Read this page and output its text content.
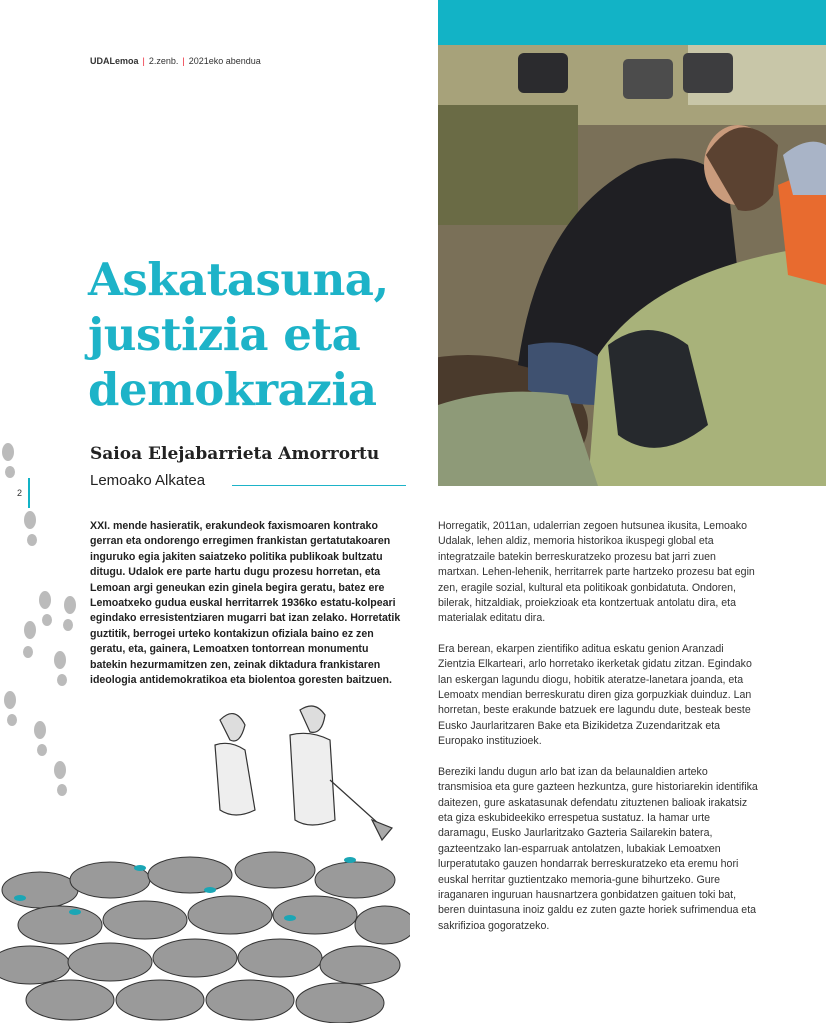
UDALemoa | 2.zenb. | 2021eko abendua
Askatasuna,
justizia eta
demokrazia
Saioa Elejabarrieta Amorrortu
Lemoako Alkatea
2
XXI. mende hasieratik, erakundeok faxismoaren kontrako gerran eta ondorengo erregimen frankistan gertatutakoaren inguruko egia jakiten saiatzeko politika publikoak bultzatu ditugu. Udalok ere parte hartu dugu prozesu horretan, eta Lemoan argi geneukan ezin ginela begira geratu, batez ere Lemoatxeko gudua euskal herritarrek 1936ko estatu-kolpeari egindako erresistentziaren mugarri bat izan zelako. Horretatik guztitik, berrogei urteko kontakizun ofiziala baino ez zen geratu, eta, gainera, Lemoatxen tontorrean monumentu batekin hezurmamitzen zen, zeinak diktadura frankistaren ideologia antidemokratikoa eta biolentoa goresten baitzuen.

Horregatik, 2011an, udalerrian zegoen hutsunea ikusita, Lemoako Udalak, lehen aldiz, memoria historikoa ikuspegi global eta integratzaile batekin berreskuratzeko prozesu bat jarri zuen martxan. Lehen-lehenik, herritarrek parte hartzeko prozesu bat egin zen, eragile sozial, kultural eta politikoak gonbidatuta. Ondoren, bilerak, hitzaldiak, proiekzioak eta kontzertuak antolatu dira, eta materialak editatu dira.

Era berean, ekarpen zientifiko aditua eskatu genion Aranzadi Zientzia Elkarteari, arlo horretako ikerketak gidatu zitzan. Egindako lan eskergan lagundu diogu, hobitik ateratze-lanetara joanda, eta Lemoatx mendian berreskuratu diren giza gorpuzkiak duinduz. Lan horretan, beste erakunde batzuek ere lagundu dute, besteak beste Eusko Jaurlaritzaren Bake eta Bizikidetza Zuzendaritzak eta Europako instituzioek.

Bereziki landu dugun arlo bat izan da belaunaldien arteko transmisioa eta gure gazteen hezkuntza, gure historiarekin identifika daitezen, gure askatasunak defendatu zituztenen balioak irakatsiz eta giza eskubideekiko errespetua sustatuz. Ia hamar urte daramagu, Eusko Jaurlaritzako Gazteria Sailarekin batera, gazteentzako lan-esparruak antolatzen, lubakiak Lemoatxen lurperatutako gauzen hondarrak berreskuratzeko eta eremu hori euskal herritar guztientzako memoria-gune bihurtzeko. Gure iraganaren inguruan hausnartzera gonbidatzen gaituen toki bat, beren duintasuna inoiz galdu ez zuten gazte horiek sufrimendua eta sakrifizioa gogoratzeko.
